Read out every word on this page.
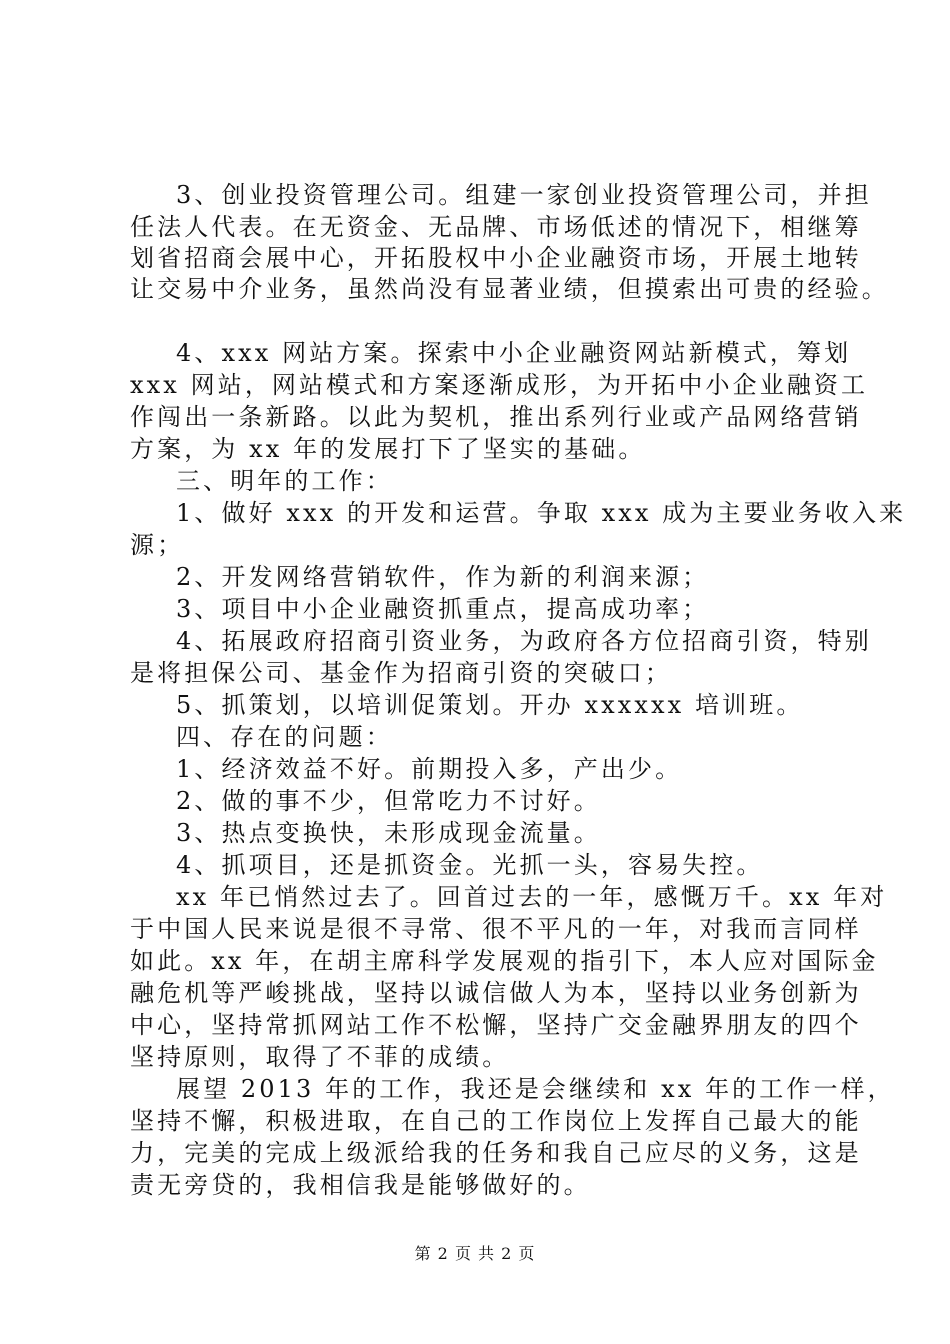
3、创业投资管理公司。组建一家创业投资管理公司，并担
任法人代表。在无资金、无品牌、市场低述的情况下，相继筹
划省招商会展中心，开拓股权中小企业融资市场，开展土地转
让交易中介业务，虽然尚没有显著业绩，但摸索出可贵的经验。
4、xxx 网站方案。探索中小企业融资网站新模式，筹划
xxx 网站，网站模式和方案逐渐成形，为开拓中小企业融资工
作闯出一条新路。以此为契机，推出系列行业或产品网络营销
方案，为 xx 年的发展打下了坚实的基础。
三、明年的工作：
1、做好 xxx 的开发和运营。争取 xxx 成为主要业务收入来
源；
2、开发网络营销软件，作为新的利润来源；
3、项目中小企业融资抓重点，提高成功率；
4、拓展政府招商引资业务，为政府各方位招商引资，特别
是将担保公司、基金作为招商引资的突破口；
5、抓策划，以培训促策划。开办 xxxxxx 培训班。
四、存在的问题：
1、经济效益不好。前期投入多，产出少。
2、做的事不少，但常吃力不讨好。
3、热点变换快，未形成现金流量。
4、抓项目，还是抓资金。光抓一头，容易失控。
xx 年已悄然过去了。回首过去的一年，感慨万千。xx 年对
于中国人民来说是很不寻常、很不平凡的一年，对我而言同样
如此。xx 年，在胡主席科学发展观的指引下，本人应对国际金
融危机等严峻挑战，坚持以诚信做人为本，坚持以业务创新为
中心，坚持常抓网站工作不松懈，坚持广交金融界朋友的四个
坚持原则，取得了不菲的成绩。
展望 2013 年的工作，我还是会继续和 xx 年的工作一样，
坚持不懈，积极进取，在自己的工作岗位上发挥自己最大的能
力，完美的完成上级派给我的任务和我自己应尽的义务，这是
责无旁贷的，我相信我是能够做好的。
第 2 页 共 2 页
